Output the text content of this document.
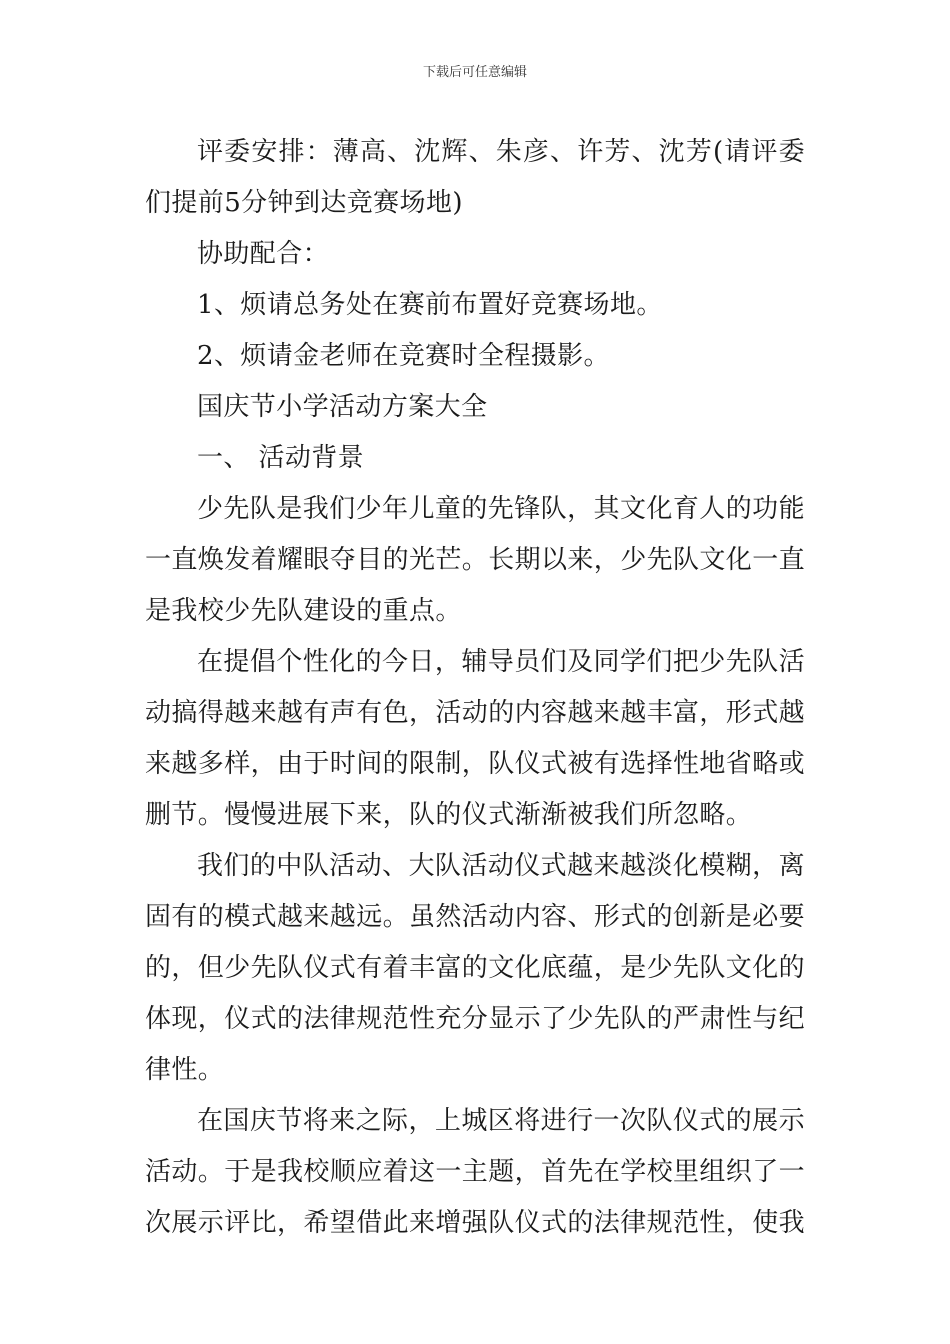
下载后可任意编辑

评委安排：薄高、沈辉、朱彦、许芳、沈芳(请评委们提前5分钟到达竞赛场地)

协助配合：

1、烦请总务处在赛前布置好竞赛场地。

2、烦请金老师在竞赛时全程摄影。

国庆节小学活动方案大全

一、 活动背景

少先队是我们少年儿童的先锋队，其文化育人的功能一直焕发着耀眼夺目的光芒。长期以来，少先队文化一直是我校少先队建设的重点。

在提倡个性化的今日，辅导员们及同学们把少先队活动搞得越来越有声有色，活动的内容越来越丰富，形式越来越多样，由于时间的限制，队仪式被有选择性地省略或删节。慢慢进展下来，队的仪式渐渐被我们所忽略。

我们的中队活动、大队活动仪式越来越淡化模糊，离固有的模式越来越远。虽然活动内容、形式的创新是必要的，但少先队仪式有着丰富的文化底蕴，是少先队文化的体现，仪式的法律规范性充分显示了少先队的严肃性与纪律性。

在国庆节将来之际，上城区将进行一次队仪式的展示活动。于是我校顺应着这一主题，首先在学校里组织了一次展示评比，希望借此来增强队仪式的法律规范性，使我
